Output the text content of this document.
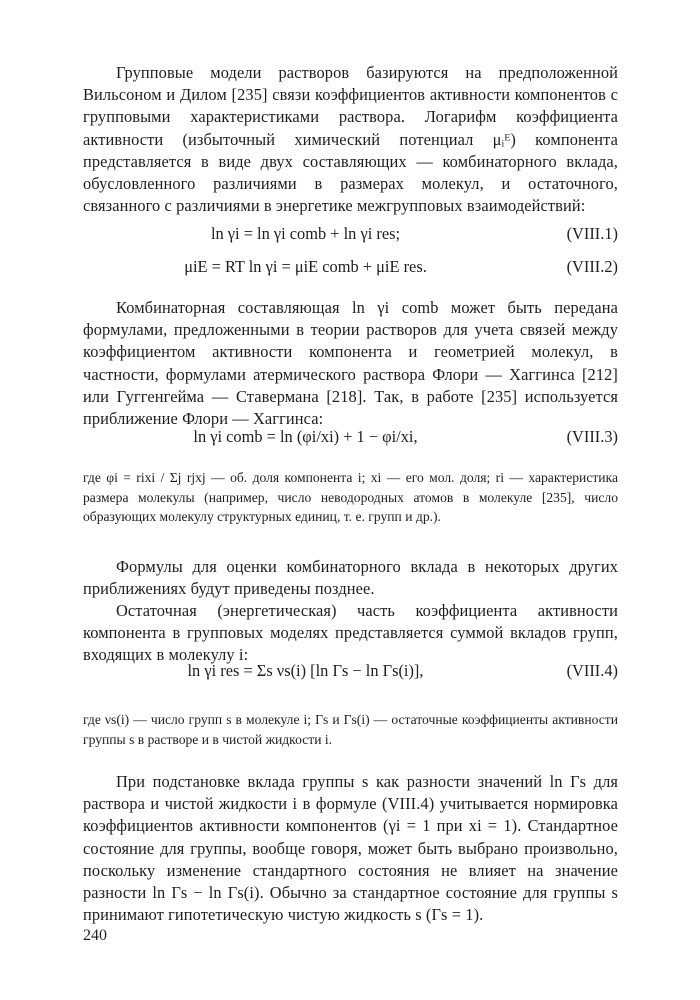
Групповые модели растворов базируются на предположенной Вильсоном и Дилом [235] связи коэффициентов активности компонентов с групповыми характеристиками раствора. Логарифм коэффициента активности (избыточный химический потенциал μᵢᴱ) компонента представляется в виде двух составляющих — комбинаторного вклада, обусловленного различиями в размерах молекул, и остаточного, связанного с различиями в энергетике межгрупповых взаимодействий:

ln γi = ln γi comb + ln γi res;	(VIII.1)
μiE = RT ln γi = μiE comb + μiE res.	(VIII.2)

Комбинаторная составляющая ln γi comb может быть передана формулами, предложенными в теории растворов для учета связей между коэффициентом активности компонента и геометрией молекул, в частности, формулами атермического раствора Флори — Хаггинса [212] или Гуггенгейма — Ставермана [218]. Так, в работе [235] используется приближение Флори — Хаггинса:

ln γi comb = ln (φi/xi) + 1 − φi/xi,	(VIII.3)

где φi = rixi / Σj rjxj — об. доля компонента i; xi — его мол. доля; ri — характеристика размера молекулы (например, число неводородных атомов в молекуле [235], число образующих молекулу структурных единиц, т. е. групп и др.).

Формулы для оценки комбинаторного вклада в некоторых других приближениях будут приведены позднее.

Остаточная (энергетическая) часть коэффициента активности компонента в групповых моделях представляется суммой вкладов групп, входящих в молекулу i:

ln γi res = Σs νs(i) [ln Γs − ln Γs(i)],	(VIII.4)

где νs(i) — число групп s в молекуле i; Γs и Γs(i) — остаточные коэффициенты активности группы s в растворе и в чистой жидкости i.

При подстановке вклада группы s как разности значений ln Γs для раствора и чистой жидкости i в формуле (VIII.4) учитывается нормировка коэффициентов активности компонентов (γi = 1 при xi = 1). Стандартное состояние для группы, вообще говоря, может быть выбрано произвольно, поскольку изменение стандартного состояния не влияет на значение разности ln Γs − ln Γs(i). Обычно за стандартное состояние для группы s принимают гипотетическую чистую жидкость s (Γs = 1).

240
